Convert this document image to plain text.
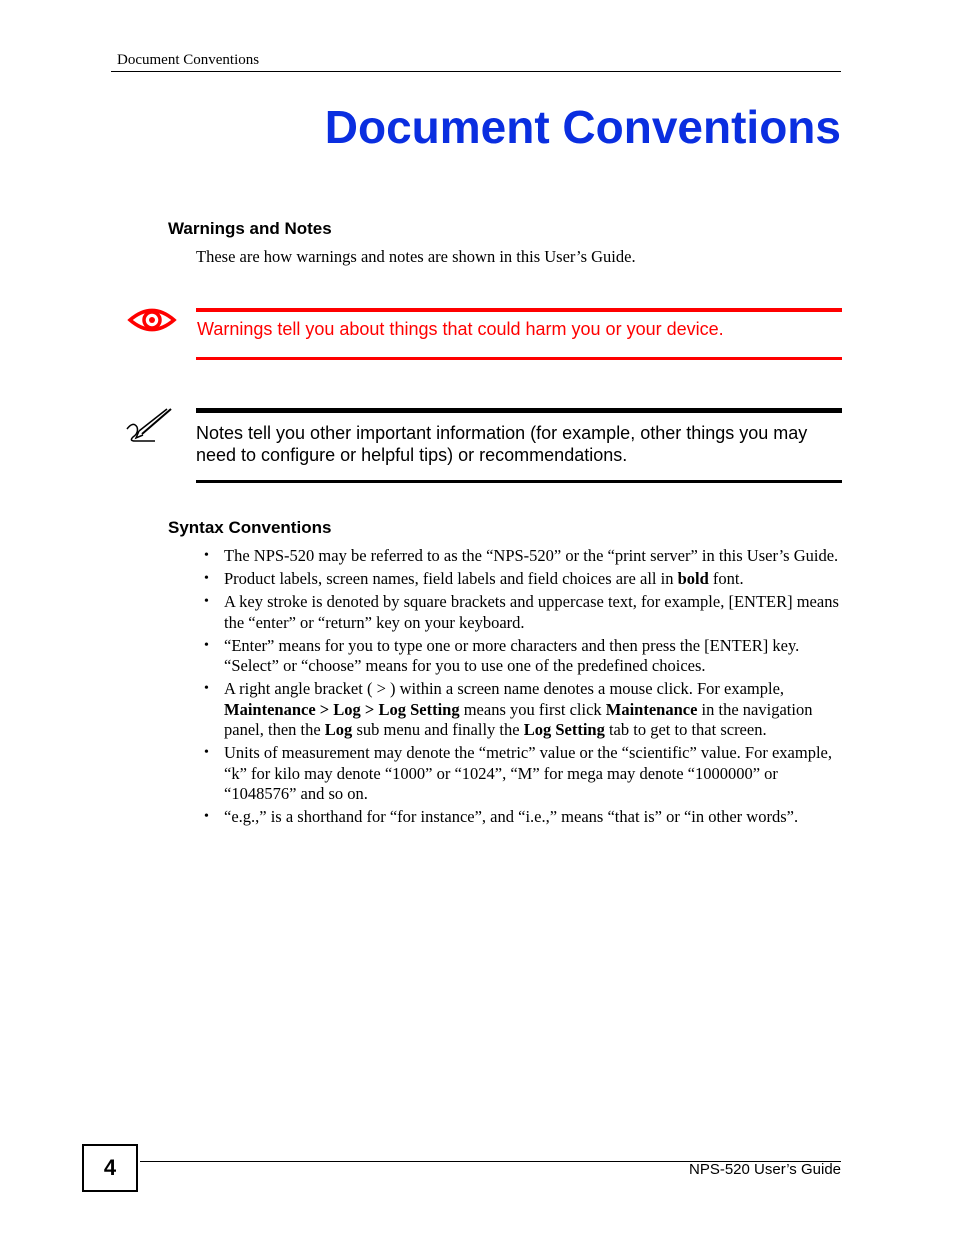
Document Conventions
Document Conventions
Warnings and Notes
These are how warnings and notes are shown in this User’s Guide.
Warnings tell you about things that could harm you or your device.
Notes tell you other important information (for example, other things you may need to configure or helpful tips) or recommendations.
Syntax Conventions
• The NPS-520 may be referred to as the “NPS-520” or the “print server” in this User’s Guide.
• Product labels, screen names, field labels and field choices are all in bold font.
• A key stroke is denoted by square brackets and uppercase text, for example, [ENTER] means the “enter” or “return” key on your keyboard.
• “Enter” means for you to type one or more characters and then press the [ENTER] key. “Select” or “choose” means for you to use one of the predefined choices.
• A right angle bracket ( > ) within a screen name denotes a mouse click. For example, Maintenance > Log > Log Setting means you first click Maintenance in the navigation panel, then the Log sub menu and finally the Log Setting tab to get to that screen.
• Units of measurement may denote the “metric” value or the “scientific” value. For example, “k” for kilo may denote “1000” or “1024”, “M” for mega may denote “1000000” or “1048576” and so on.
• “e.g.,” is a shorthand for “for instance”, and “i.e.,” means “that is” or “in other words”.
4	NPS-520 User’s Guide
